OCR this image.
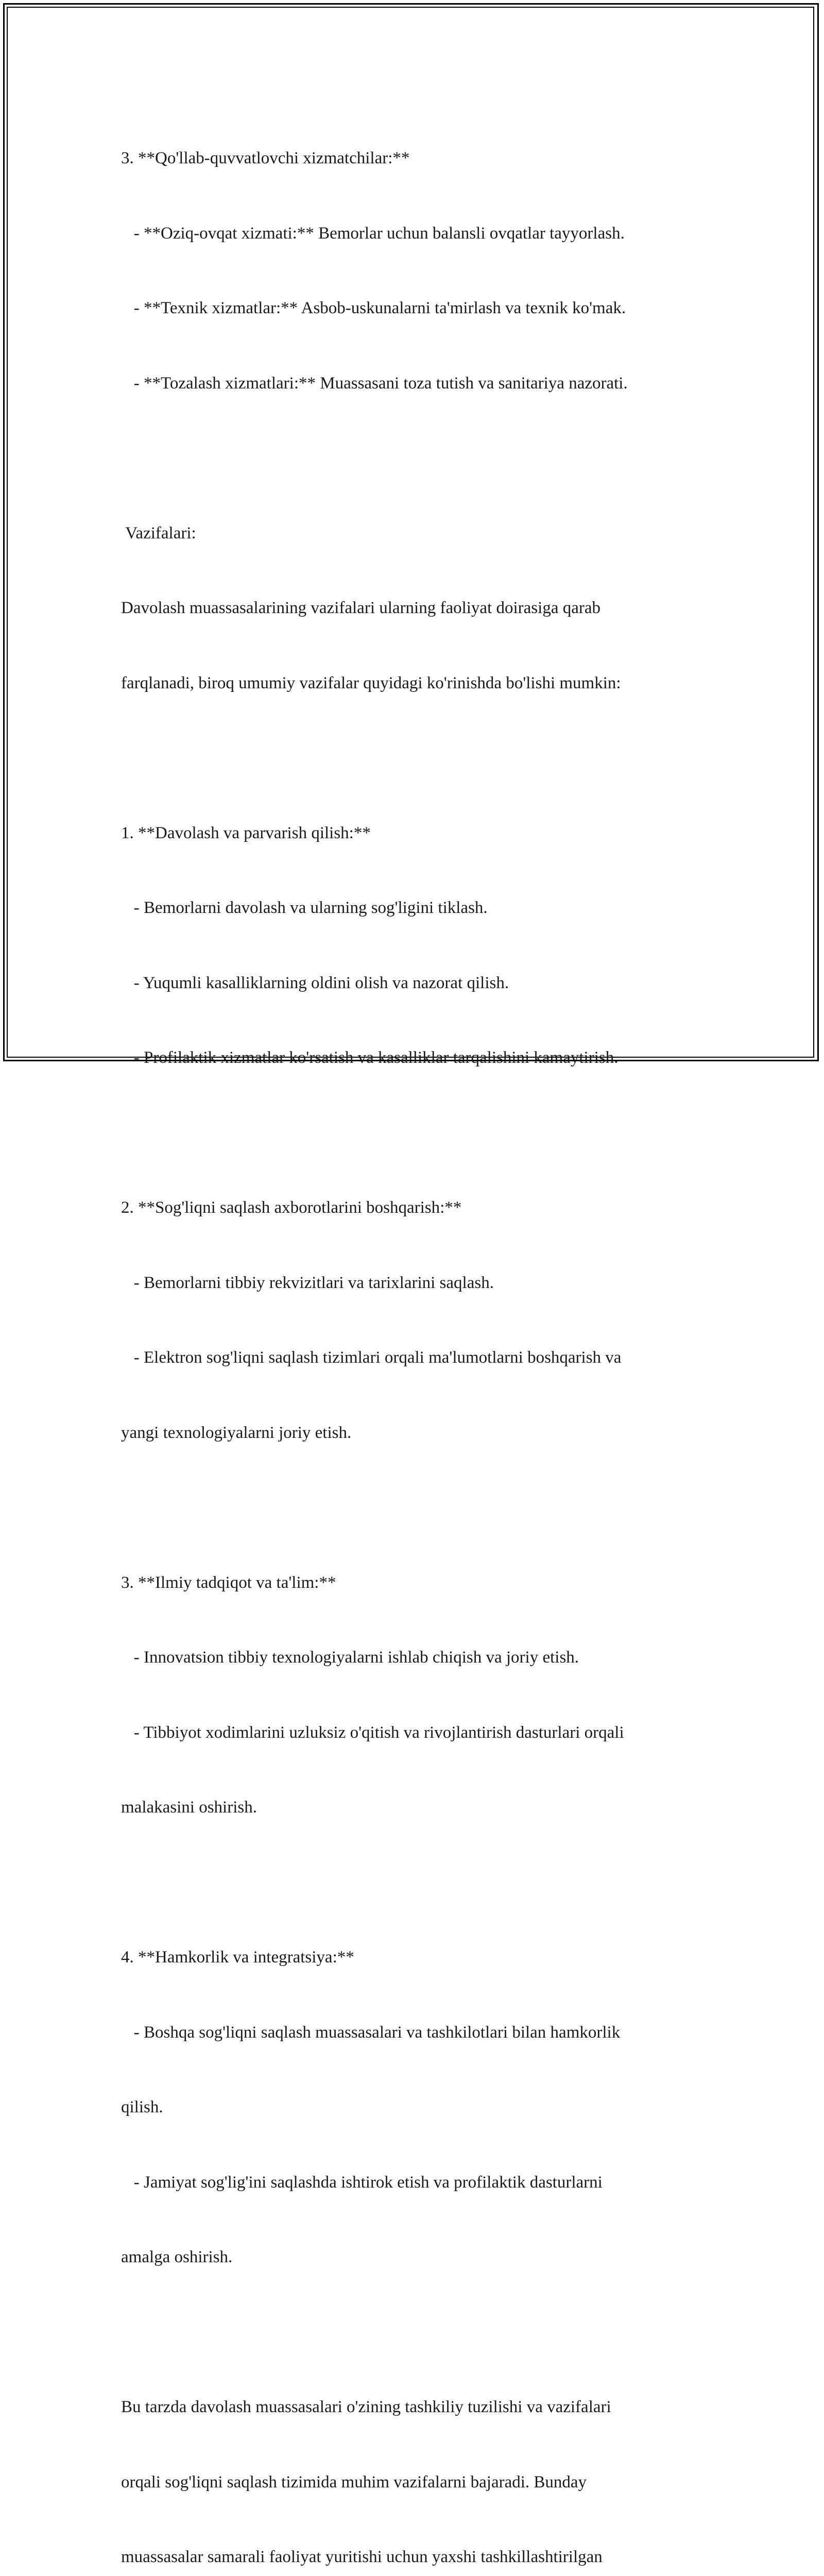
3. **Qo'llab-quvvatlovchi xizmatchilar:**

- **Oziq-ovqat xizmati:** Bemorlar uchun balansli ovqatlar tayyorlash.

- **Texnik xizmatlar:** Asbob-uskunalarni ta'mirlash va texnik ko'mak.

- **Tozalash xizmatlari:** Muassasani toza tutish va sanitariya nazorati.

Vazifalari:

Davolash muassasalarining vazifalari ularning faoliyat doirasiga qarab

farqlanadi, biroq umumiy vazifalar quyidagi ko'rinishda bo'lishi mumkin:

1. **Davolash va parvarish qilish:**

- Bemorlarni davolash va ularning sog'ligini tiklash.

- Yuqumli kasalliklarning oldini olish va nazorat qilish.

- Profilaktik xizmatlar ko'rsatish va kasalliklar tarqalishini kamaytirish.

2. **Sog'liqni saqlash axborotlarini boshqarish:**

- Bemorlarni tibbiy rekvizitlari va tarixlarini saqlash.

- Elektron sog'liqni saqlash tizimlari orqali ma'lumotlarni boshqarish va

yangi texnologiyalarni joriy etish.

3. **Ilmiy tadqiqot va ta'lim:**

- Innovatsion tibbiy texnologiyalarni ishlab chiqish va joriy etish.

- Tibbiyot xodimlarini uzluksiz o'qitish va rivojlantirish dasturlari orqali

malakasini oshirish.

4. **Hamkorlik va integratsiya:**

- Boshqa sog'liqni saqlash muassasalari va tashkilotlari bilan hamkorlik

qilish.

- Jamiyat sog'lig'ini saqlashda ishtirok etish va profilaktik dasturlarni

amalga oshirish.

Bu tarzda davolash muassasalari o'zining tashkiliy tuzilishi va vazifalari

orqali sog'liqni saqlash tizimida muhim vazifalarni bajaradi. Bunday

muassasalar samarali faoliyat yuritishi uchun yaxshi tashkillashtirilgan
